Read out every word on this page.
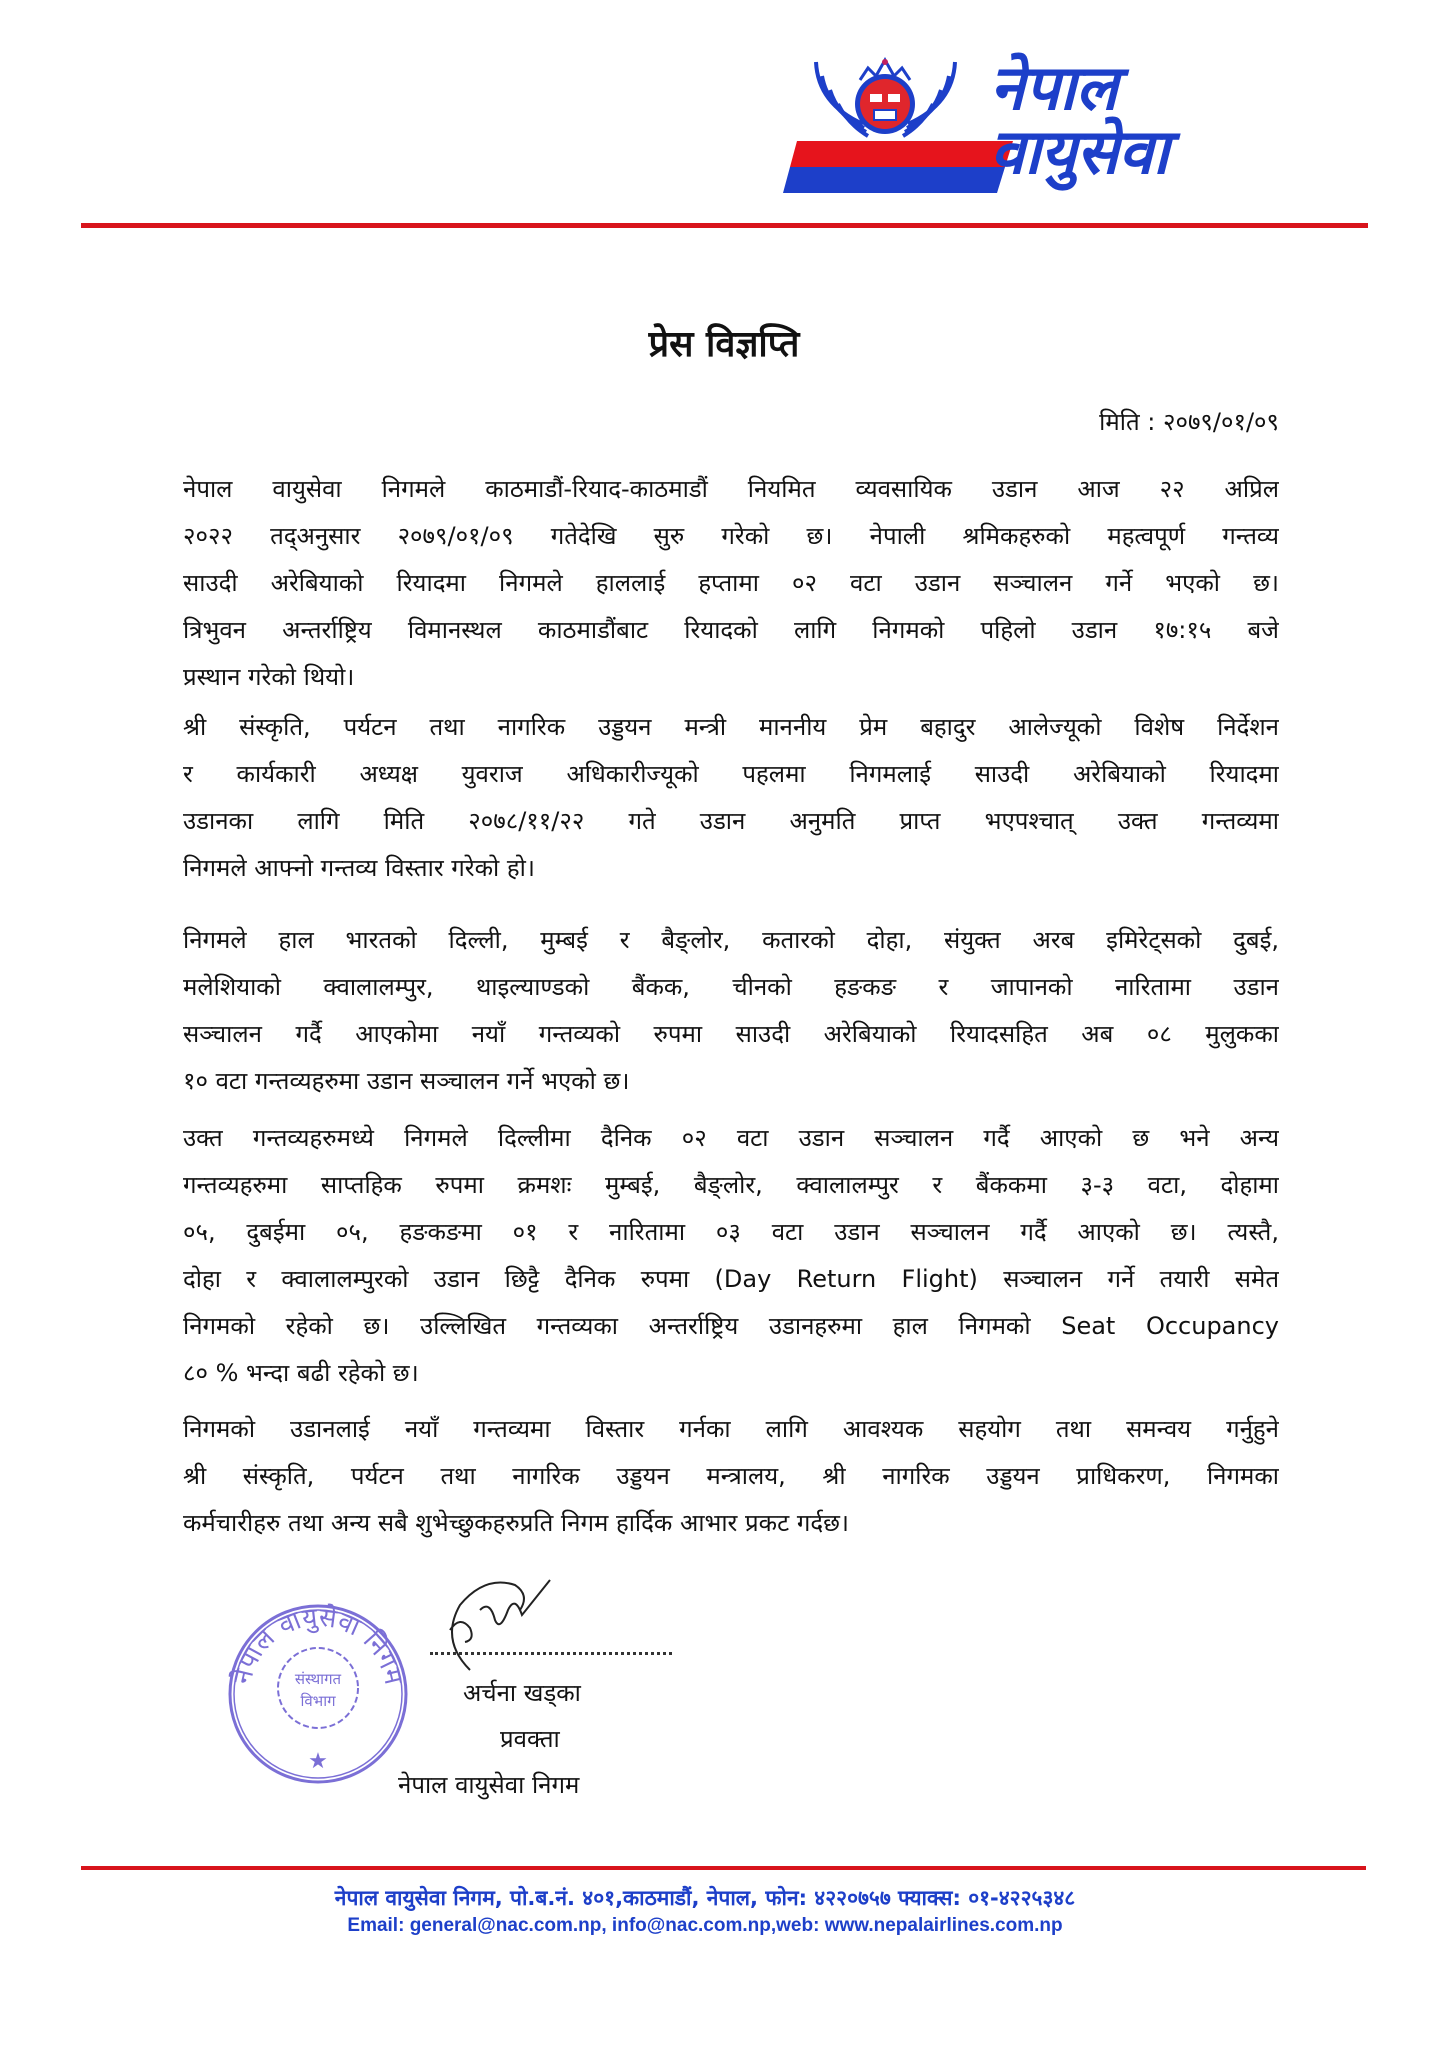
नेपाल
वायुसेवा
प्रेस विज्ञप्ति
मिति : २०७९/०१/०९
नेपाल वायुसेवा निगमले काठमाडौं-रियाद-काठमाडौं नियमित व्यवसायिक उडान आज २२ अप्रिल
२०२२ तद्अनुसार २०७९/०१/०९ गतेदेखि सुरु गरेको छ। नेपाली श्रमिकहरुको महत्वपूर्ण गन्तव्य
साउदी अरेबियाको रियादमा निगमले हाललाई हप्तामा ०२ वटा उडान सञ्चालन गर्ने भएको छ।
त्रिभुवन अन्तर्राष्ट्रिय विमानस्थल काठमाडौंबाट रियादको लागि निगमको पहिलो उडान १७:१५ बजे
प्रस्थान गरेको थियो।
श्री संस्कृति, पर्यटन तथा नागरिक उड्डयन मन्त्री माननीय प्रेम बहादुर आलेज्यूको विशेष निर्देशन
र कार्यकारी अध्यक्ष युवराज अधिकारीज्यूको पहलमा निगमलाई साउदी अरेबियाको रियादमा
उडानका लागि मिति २०७८/११/२२ गते उडान अनुमति प्राप्त भएपश्चात् उक्त गन्तव्यमा
निगमले आफ्नो गन्तव्य विस्तार गरेको हो।
निगमले हाल भारतको दिल्ली, मुम्बई र बैङ्लोर, कतारको दोहा, संयुक्त अरब इमिरेट्सको दुबई,
मलेशियाको क्वालालम्पुर, थाइल्याण्डको बैंकक, चीनको हङकङ र जापानको नारितामा उडान
सञ्चालन गर्दै आएकोमा नयाँ गन्तव्यको रुपमा साउदी अरेबियाको रियादसहित अब ०८ मुलुकका
१० वटा गन्तव्यहरुमा उडान सञ्चालन गर्ने भएको छ।
उक्त गन्तव्यहरुमध्ये निगमले दिल्लीमा दैनिक ०२ वटा उडान सञ्चालन गर्दै आएको छ भने अन्य
गन्तव्यहरुमा साप्तहिक रुपमा क्रमशः मुम्बई, बैङ्लोर, क्वालालम्पुर र बैंककमा ३-३ वटा, दोहामा
०५, दुबईमा ०५, हङकङमा ०१ र नारितामा ०३ वटा उडान सञ्चालन गर्दै आएको छ। त्यस्तै,
दोहा र क्वालालम्पुरको उडान छिट्टै दैनिक रुपमा (Day Return Flight) सञ्चालन गर्ने तयारी समेत
निगमको रहेको छ। उल्लिखित गन्तव्यका अन्तर्राष्ट्रिय उडानहरुमा हाल निगमको Seat Occupancy
८० % भन्दा बढी रहेको छ।
निगमको उडानलाई नयाँ गन्तव्यमा विस्तार गर्नका लागि आवश्यक सहयोग तथा समन्वय गर्नुहुने
श्री संस्कृति, पर्यटन तथा नागरिक उड्डयन मन्त्रालय, श्री नागरिक उड्डयन प्राधिकरण, निगमका
कर्मचारीहरु तथा अन्य सबै शुभेच्छुकहरुप्रति निगम हार्दिक आभार प्रकट गर्दछ।
नेपाल वायुसेवा निगम
संस्थागत
विभाग
★
अर्चना खड्का
प्रवक्ता
नेपाल वायुसेवा निगम
नेपाल वायुसेवा निगम, पो.ब.नं. ४०१,काठमाडौं, नेपाल, फोन: ४२२०७५७ फ्याक्स: ०१-४२२५३४८
Email: general@nac.com.np, info@nac.com.np,web: www.nepalairlines.com.np
